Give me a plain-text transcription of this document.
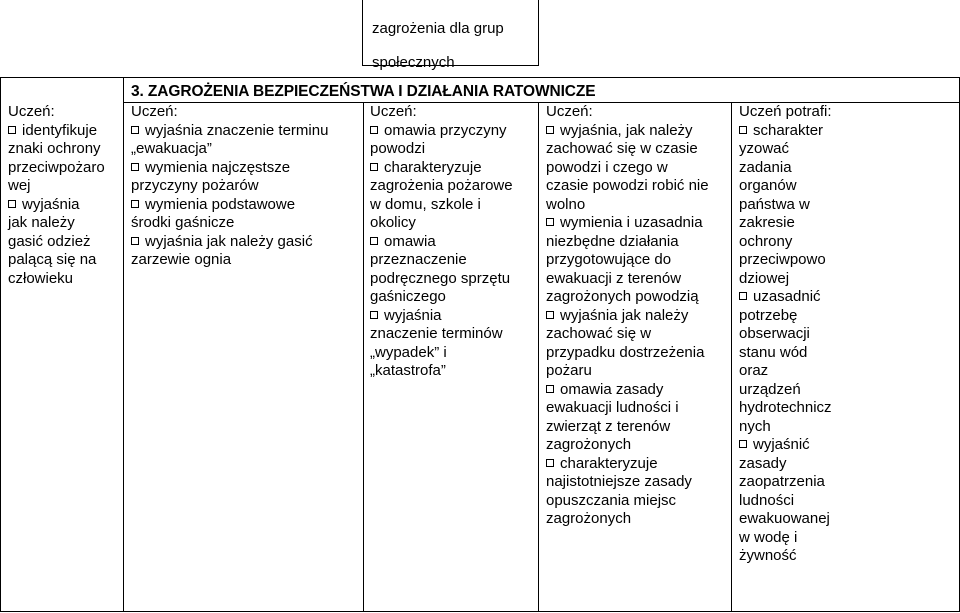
zagrożenia dla grup

społecznych

3. ZAGROŻENIA BEZPIECZEŃSTWA I DZIAŁANIA RATOWNICZE

Uczeń:

identyfikuje

znaki ochrony

przeciwpożaro

wej

wyjaśnia

jak należy

gasić odzież

palącą się na

człowieku

Uczeń:

wyjaśnia znaczenie terminu

„ewakuacja”

wymienia najczęstsze

przyczyny pożarów

wymienia podstawowe

środki gaśnicze

wyjaśnia jak należy gasić

zarzewie ognia

Uczeń:

omawia przyczyny

powodzi

charakteryzuje

zagrożenia pożarowe

w domu, szkole i

okolicy

omawia

przeznaczenie

podręcznego sprzętu

gaśniczego

wyjaśnia

znaczenie terminów

„wypadek” i

„katastrofa”

Uczeń:

wyjaśnia, jak należy

zachować się w czasie

powodzi i czego w

czasie powodzi robić nie

wolno

wymienia i uzasadnia

niezbędne działania

przygotowujące do

ewakuacji z terenów

zagrożonych powodzią

wyjaśnia jak należy

zachować się w

przypadku dostrzeżenia

pożaru

omawia zasady

ewakuacji ludności i

zwierząt z terenów

zagrożonych

charakteryzuje

najistotniejsze zasady

opuszczania miejsc

zagrożonych

Uczeń potrafi:

scharakter

yzować

zadania

organów

państwa w

zakresie

ochrony

przeciwpowo

dziowej

uzasadnić

potrzebę

obserwacji

stanu wód

oraz

urządzeń

hydrotechnicz

nych

wyjaśnić

zasady

zaopatrzenia

ludności

ewakuowanej

w wodę i

żywność
